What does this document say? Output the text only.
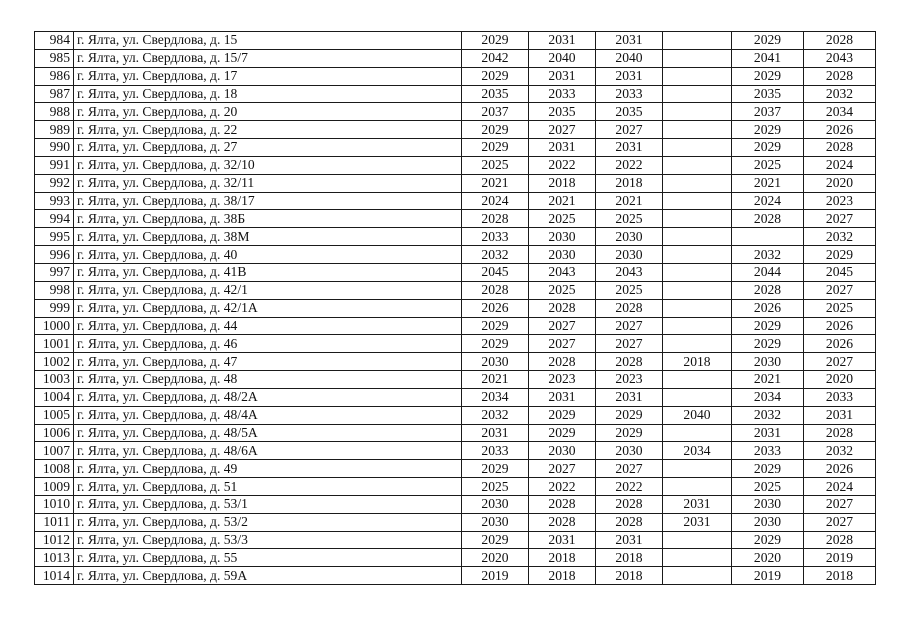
984	г. Ялта, ул. Свердлова, д. 15	2029	2031	2031		2029	2028
985	г. Ялта, ул. Свердлова, д. 15/7	2042	2040	2040		2041	2043
986	г. Ялта, ул. Свердлова, д. 17	2029	2031	2031		2029	2028
987	г. Ялта, ул. Свердлова, д. 18	2035	2033	2033		2035	2032
988	г. Ялта, ул. Свердлова, д. 20	2037	2035	2035		2037	2034
989	г. Ялта, ул. Свердлова, д. 22	2029	2027	2027		2029	2026
990	г. Ялта, ул. Свердлова, д. 27	2029	2031	2031		2029	2028
991	г. Ялта, ул. Свердлова, д. 32/10	2025	2022	2022		2025	2024
992	г. Ялта, ул. Свердлова, д. 32/11	2021	2018	2018		2021	2020
993	г. Ялта, ул. Свердлова, д. 38/17	2024	2021	2021		2024	2023
994	г. Ялта, ул. Свердлова, д. 38Б	2028	2025	2025		2028	2027
995	г. Ялта, ул. Свердлова, д. 38М	2033	2030	2030			2032
996	г. Ялта, ул. Свердлова, д. 40	2032	2030	2030		2032	2029
997	г. Ялта, ул. Свердлова, д. 41В	2045	2043	2043		2044	2045
998	г. Ялта, ул. Свердлова, д. 42/1	2028	2025	2025		2028	2027
999	г. Ялта, ул. Свердлова, д. 42/1А	2026	2028	2028		2026	2025
1000	г. Ялта, ул. Свердлова, д. 44	2029	2027	2027		2029	2026
1001	г. Ялта, ул. Свердлова, д. 46	2029	2027	2027		2029	2026
1002	г. Ялта, ул. Свердлова, д. 47	2030	2028	2028	2018	2030	2027
1003	г. Ялта, ул. Свердлова, д. 48	2021	2023	2023		2021	2020
1004	г. Ялта, ул. Свердлова, д. 48/2А	2034	2031	2031		2034	2033
1005	г. Ялта, ул. Свердлова, д. 48/4А	2032	2029	2029	2040	2032	2031
1006	г. Ялта, ул. Свердлова, д. 48/5А	2031	2029	2029		2031	2028
1007	г. Ялта, ул. Свердлова, д. 48/6А	2033	2030	2030	2034	2033	2032
1008	г. Ялта, ул. Свердлова, д. 49	2029	2027	2027		2029	2026
1009	г. Ялта, ул. Свердлова, д. 51	2025	2022	2022		2025	2024
1010	г. Ялта, ул. Свердлова, д. 53/1	2030	2028	2028	2031	2030	2027
1011	г. Ялта, ул. Свердлова, д. 53/2	2030	2028	2028	2031	2030	2027
1012	г. Ялта, ул. Свердлова, д. 53/3	2029	2031	2031		2029	2028
1013	г. Ялта, ул. Свердлова, д. 55	2020	2018	2018		2020	2019
1014	г. Ялта, ул. Свердлова, д. 59А	2019	2018	2018		2019	2018
